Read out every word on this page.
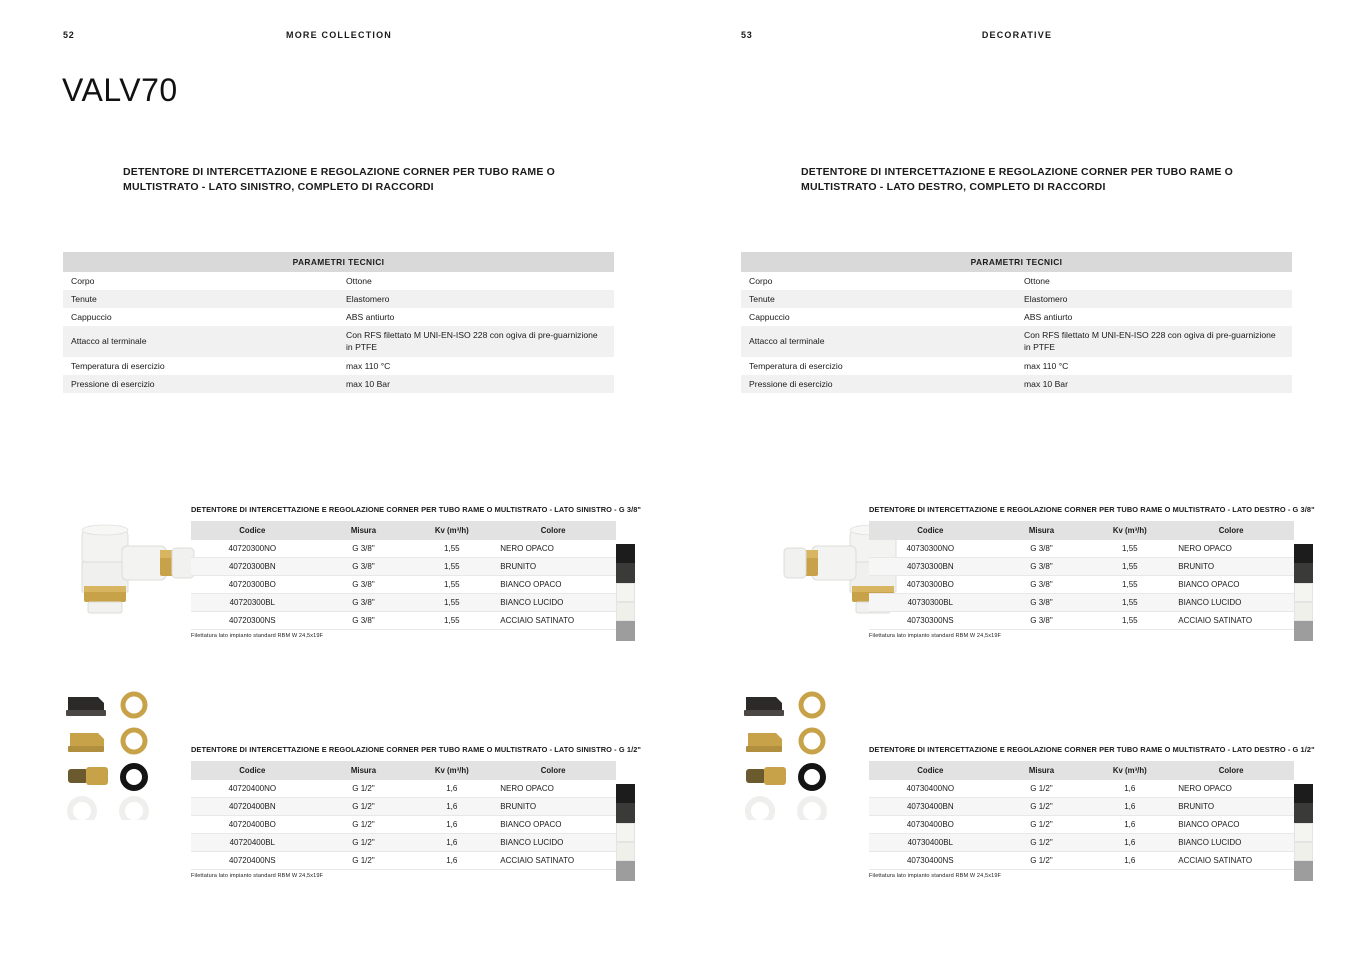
52	MORE COLLECTION
VALV70
DETENTORE DI INTERCETTAZIONE E REGOLAZIONE CORNER PER TUBO RAME O MULTISTRATO - LATO SINISTRO, COMPLETO DI RACCORDI
PARAMETRI TECNICI	
Corpo	Ottone
Tenute	Elastomero
Cappuccio	ABS antiurto
Attacco al terminale	Con RFS filettato M UNI-EN-ISO 228 con ogiva di pre-guarnizione in PTFE
Temperatura di esercizio	max 110 °C
Pressione di esercizio	max 10 Bar
DETENTORE DI INTERCETTAZIONE E REGOLAZIONE CORNER PER TUBO RAME O MULTISTRATO - LATO SINISTRO - G 3/8"
Codice	Misura	Kv (m³/h)	Colore
40720300NO	G 3/8"	1,55	NERO OPACO
40720300BN	G 3/8"	1,55	BRUNITO
40720300BO	G 3/8"	1,55	BIANCO OPACO
40720300BL	G 3/8"	1,55	BIANCO LUCIDO
40720300NS	G 3/8"	1,55	ACCIAIO SATINATO
Filettatura lato impianto standard RBM W 24,5x19F
DETENTORE DI INTERCETTAZIONE E REGOLAZIONE CORNER PER TUBO RAME O MULTISTRATO - LATO SINISTRO - G 1/2"
Codice	Misura	Kv (m³/h)	Colore
40720400NO	G 1/2"	1,6	NERO OPACO
40720400BN	G 1/2"	1,6	BRUNITO
40720400BO	G 1/2"	1,6	BIANCO OPACO
40720400BL	G 1/2"	1,6	BIANCO LUCIDO
40720400NS	G 1/2"	1,6	ACCIAIO SATINATO
Filettatura lato impianto standard RBM W 24,5x19F
53	DECORATIVE
DETENTORE DI INTERCETTAZIONE E REGOLAZIONE CORNER PER TUBO RAME O MULTISTRATO - LATO DESTRO, COMPLETO DI RACCORDI
PARAMETRI TECNICI	
Corpo	Ottone
Tenute	Elastomero
Cappuccio	ABS antiurto
Attacco al terminale	Con RFS filettato M UNI-EN-ISO 228 con ogiva di pre-guarnizione in PTFE
Temperatura di esercizio	max 110 °C
Pressione di esercizio	max 10 Bar
DETENTORE DI INTERCETTAZIONE E REGOLAZIONE CORNER PER TUBO RAME O MULTISTRATO - LATO DESTRO - G 3/8"
Codice	Misura	Kv (m³/h)	Colore
40730300NO	G 3/8"	1,55	NERO OPACO
40730300BN	G 3/8"	1,55	BRUNITO
40730300BO	G 3/8"	1,55	BIANCO OPACO
40730300BL	G 3/8"	1,55	BIANCO LUCIDO
40730300NS	G 3/8"	1,55	ACCIAIO SATINATO
Filettatura lato impianto standard RBM W 24,5x19F
DETENTORE DI INTERCETTAZIONE E REGOLAZIONE CORNER PER TUBO RAME O MULTISTRATO - LATO DESTRO - G 1/2"
Codice	Misura	Kv (m³/h)	Colore
40730400NO	G 1/2"	1,6	NERO OPACO
40730400BN	G 1/2"	1,6	BRUNITO
40730400BO	G 1/2"	1,6	BIANCO OPACO
40730400BL	G 1/2"	1,6	BIANCO LUCIDO
40730400NS	G 1/2"	1,6	ACCIAIO SATINATO
Filettatura lato impianto standard RBM W 24,5x19F
